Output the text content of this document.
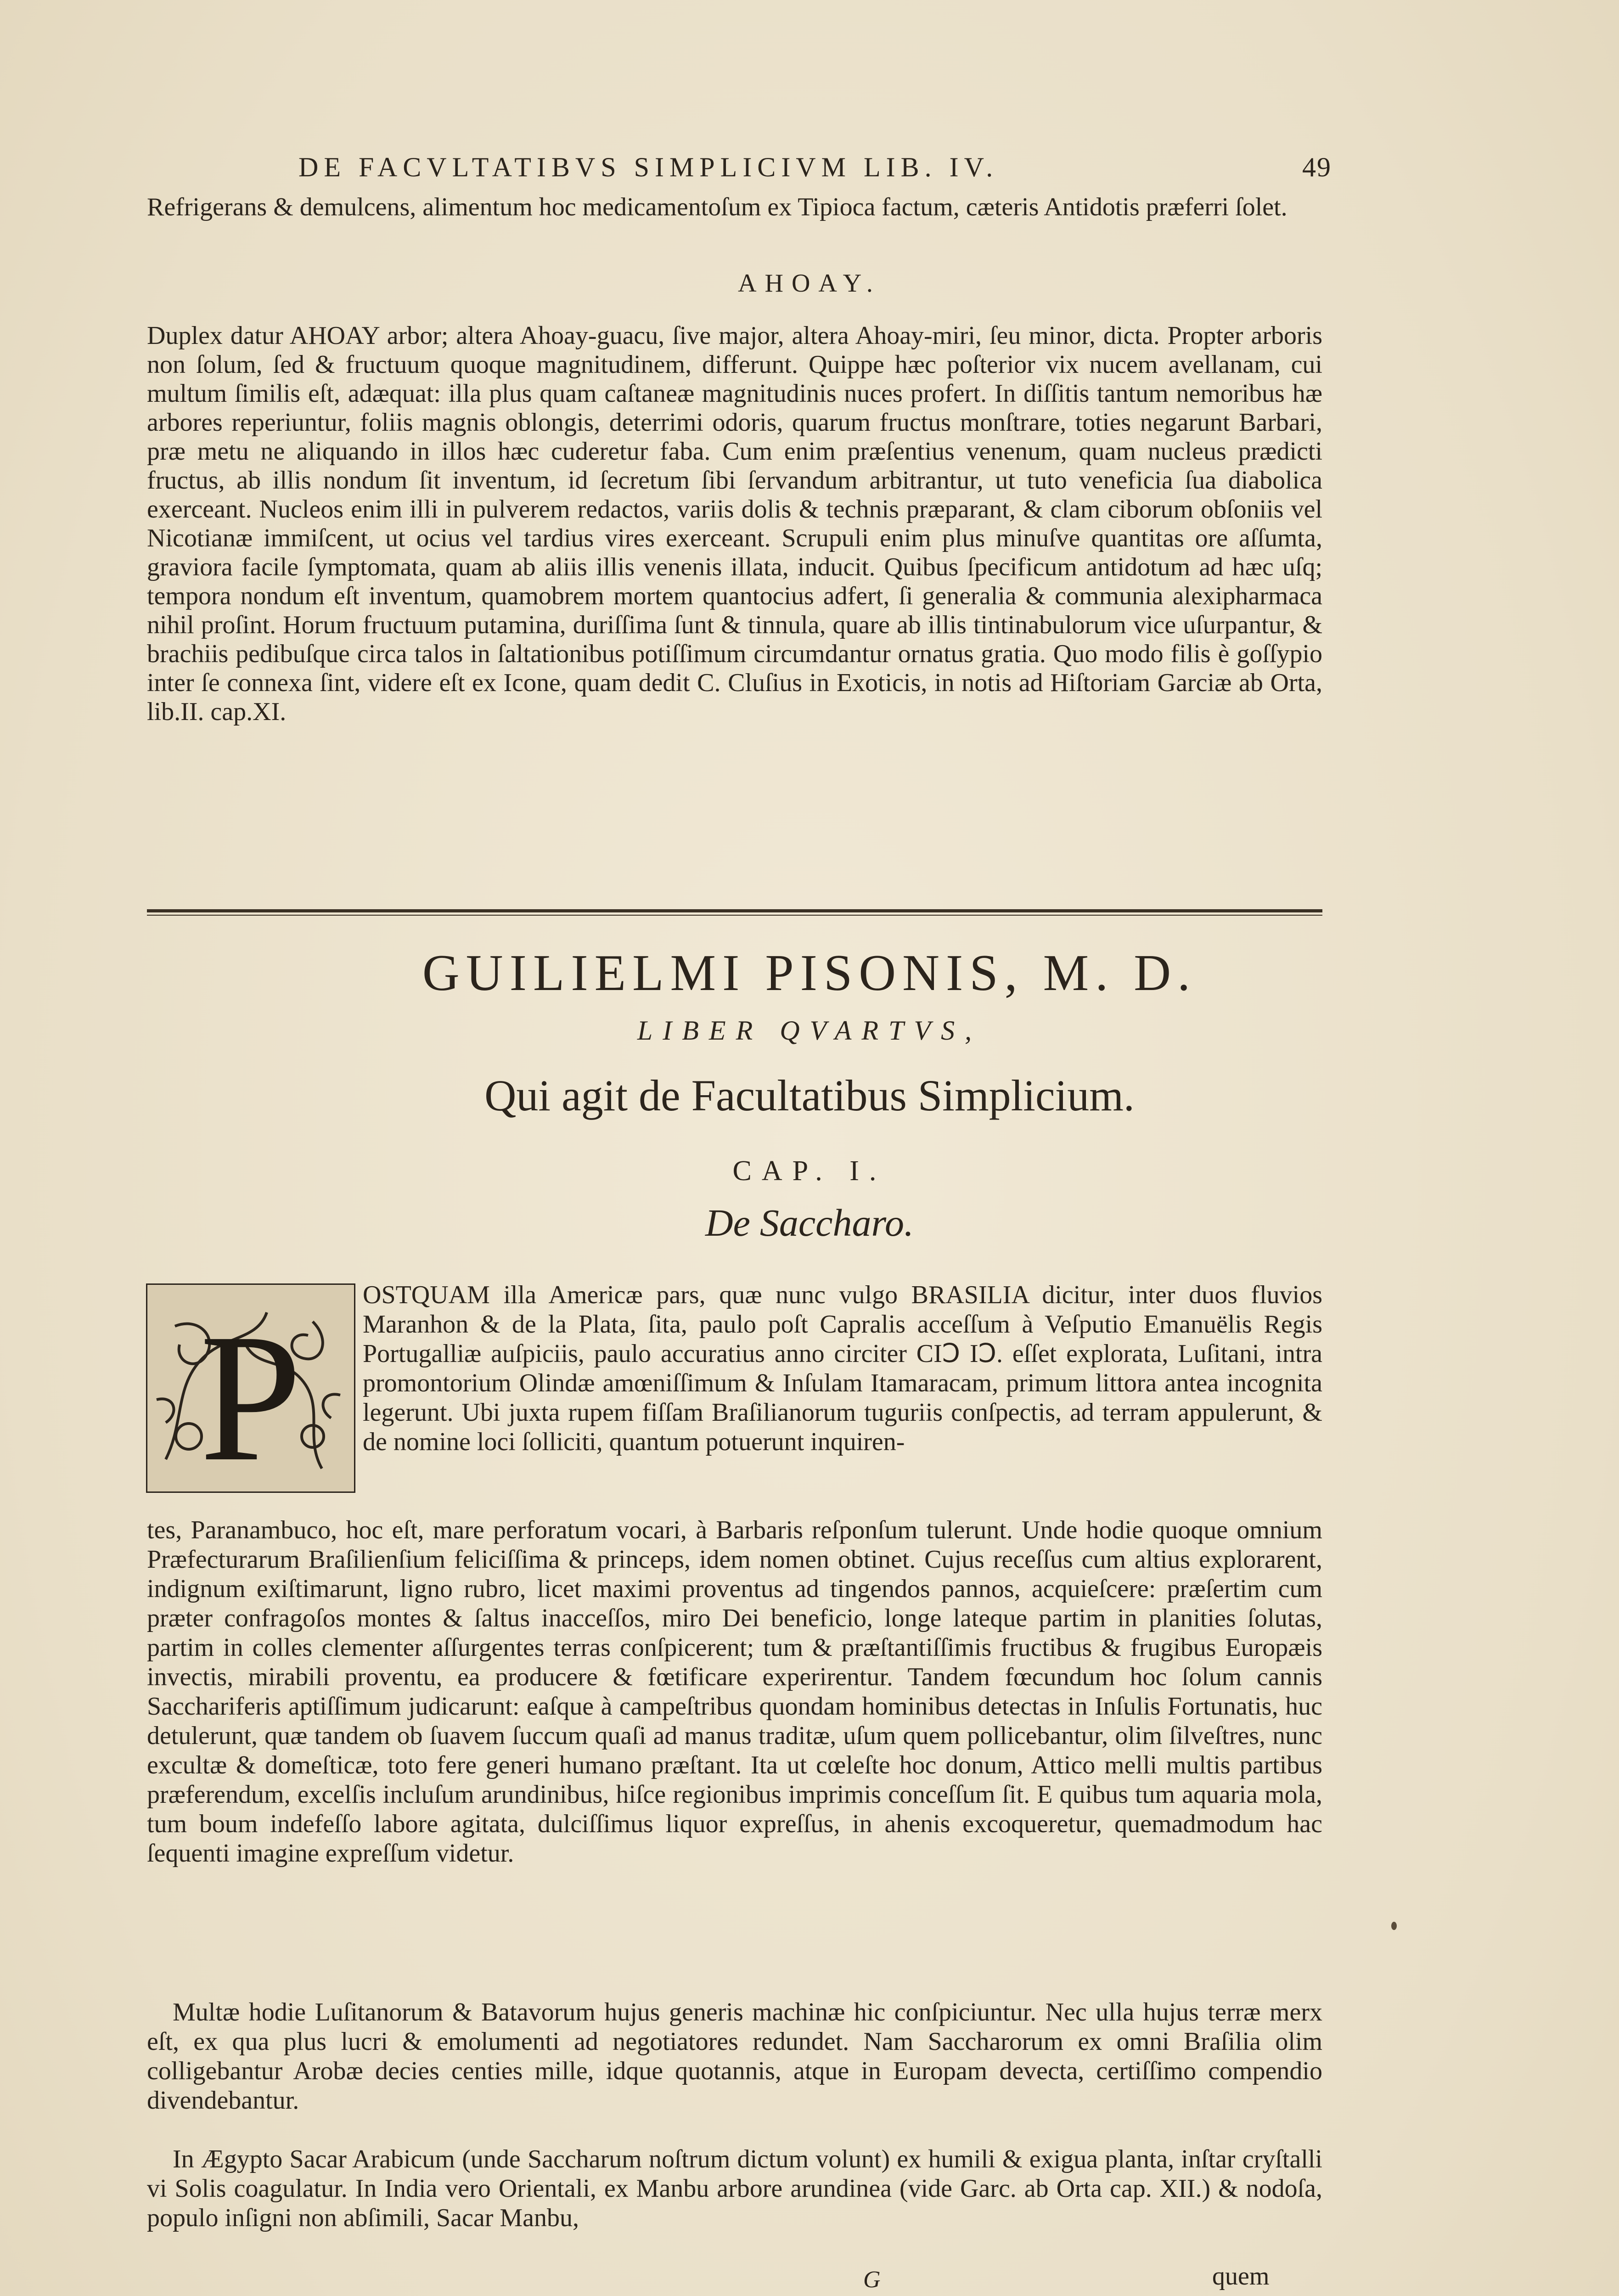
DE FACVLTATIBVS SIMPLICIVM LIB. IV.	49

Refrigerans & demulcens, alimentum hoc medicamentoſum ex Tipioca factum, cæteris Antidotis præferri ſolet.

AHOAY.

Duplex datur AHOAY arbor; altera Ahoay-guacu, ſive major, altera Ahoay-miri, ſeu minor, dicta. Propter arboris non ſolum, ſed & fructuum quoque magnitudinem, differunt. Quippe hæc poſterior vix nucem avellanam, cui multum ſimilis eſt, adæquat: illa plus quam caſtaneæ magnitudinis nuces profert. In diſſitis tantum nemoribus hæ arbores reperiuntur, foliis magnis oblongis, deterrimi odoris, quarum fructus monſtrare, toties negarunt Barbari, præ metu ne aliquando in illos hæc cuderetur faba. Cum enim præſentius venenum, quam nucleus prædicti fructus, ab illis nondum ſit inventum, id ſecretum ſibi ſervandum arbitrantur, ut tuto veneficia ſua diabolica exerceant. Nucleos enim illi in pulverem redactos, variis dolis & technis præparant, & clam ciborum obſoniis vel Nicotianæ immiſcent, ut ocius vel tardius vires exerceant. Scrupuli enim plus minuſve quantitas ore aſſumta, graviora facile ſymptomata, quam ab aliis illis venenis illata, inducit. Quibus ſpecificum antidotum ad hæc uſq; tempora nondum eſt inventum, quamobrem mortem quantocius adfert, ſi generalia & communia alexipharmaca nihil proſint. Horum fructuum putamina, duriſſima ſunt & tinnula, quare ab illis tintinabulorum vice uſurpantur, & brachiis pedibuſque circa talos in ſaltationibus potiſſimum circumdantur ornatus gratia. Quo modo filis è goſſypio inter ſe connexa ſint, videre eſt ex Icone, quam dedit C. Cluſius in Exoticis, in notis ad Hiſtoriam Garciæ ab Orta, lib.II. cap.XI.

GUILIELMI PISONIS, M. D.
LIBER QVARTVS,
Qui agit de Facultatibus Simplicium.
CAP. I.
De Saccharo.
P
OSTQUAM illa Americæ pars, quæ nunc vulgo BRASILIA dicitur, inter duos fluvios Maranhon & de la Plata, ſita, paulo poſt Capralis acceſſum à Veſputio Emanuëlis Regis Portugalliæ auſpiciis, paulo accuratius anno circiter CIↃ IↃ. eſſet explorata, Luſitani, intra promontorium Olindæ amœniſſimum & Inſulam Itamaracam, primum littora antea incognita legerunt. Ubi juxta rupem fiſſam Braſilianorum tuguriis conſpectis, ad terram appulerunt, & de nomine loci ſolliciti, quantum potuerunt inquiren-
tes, Paranambuco, hoc eſt, mare perforatum vocari, à Barbaris reſponſum tulerunt. Unde hodie quoque omnium Præfecturarum Braſilienſium feliciſſima & princeps, idem nomen obtinet. Cujus receſſus cum altius explorarent, indignum exiſtimarunt, ligno rubro, licet maximi proventus ad tingendos pannos, acquieſcere: præſertim cum præter confragoſos montes & ſaltus inacceſſos, miro Dei beneficio, longe lateque partim in planities ſolutas, partim in colles clementer aſſurgentes terras conſpicerent; tum & præſtantiſſimis fructibus & frugibus Europæis invectis, mirabili proventu, ea producere & fœtificare experirentur. Tandem fœcundum hoc ſolum cannis Sacchariferis aptiſſimum judicarunt: eaſque à campeſtribus quondam hominibus detectas in Inſulis Fortunatis, huc detulerunt, quæ tandem ob ſuavem ſuccum quaſi ad manus traditæ, uſum quem pollicebantur, olim ſilveſtres, nunc excultæ & domeſticæ, toto fere generi humano præſtant. Ita ut cœleſte hoc donum, Attico melli multis partibus præferendum, excelſis incluſum arundinibus, hiſce regionibus imprimis conceſſum ſit. E quibus tum aquaria mola, tum boum indefeſſo labore agitata, dulciſſimus liquor expreſſus, in ahenis excoqueretur, quemadmodum hac ſequenti imagine expreſſum videtur.
Multæ hodie Luſitanorum & Batavorum hujus generis machinæ hic conſpiciuntur. Nec ulla hujus terræ merx eſt, ex qua plus lucri & emolumenti ad negotiatores redundet. Nam Saccharorum ex omni Braſilia olim colligebantur Arobæ decies centies mille, idque quotannis, atque in Europam devecta, certiſſimo compendio divendebantur.
In Ægypto Sacar Arabicum (unde Saccharum noſtrum dictum volunt) ex humili & exigua planta, inſtar cryſtalli vi Solis coagulatur. In India vero Orientali, ex Manbu arbore arundinea (vide Garc. ab Orta cap. XII.) & nodoſa, populo inſigni non abſimili, Sacar Manbu,
G	quem
